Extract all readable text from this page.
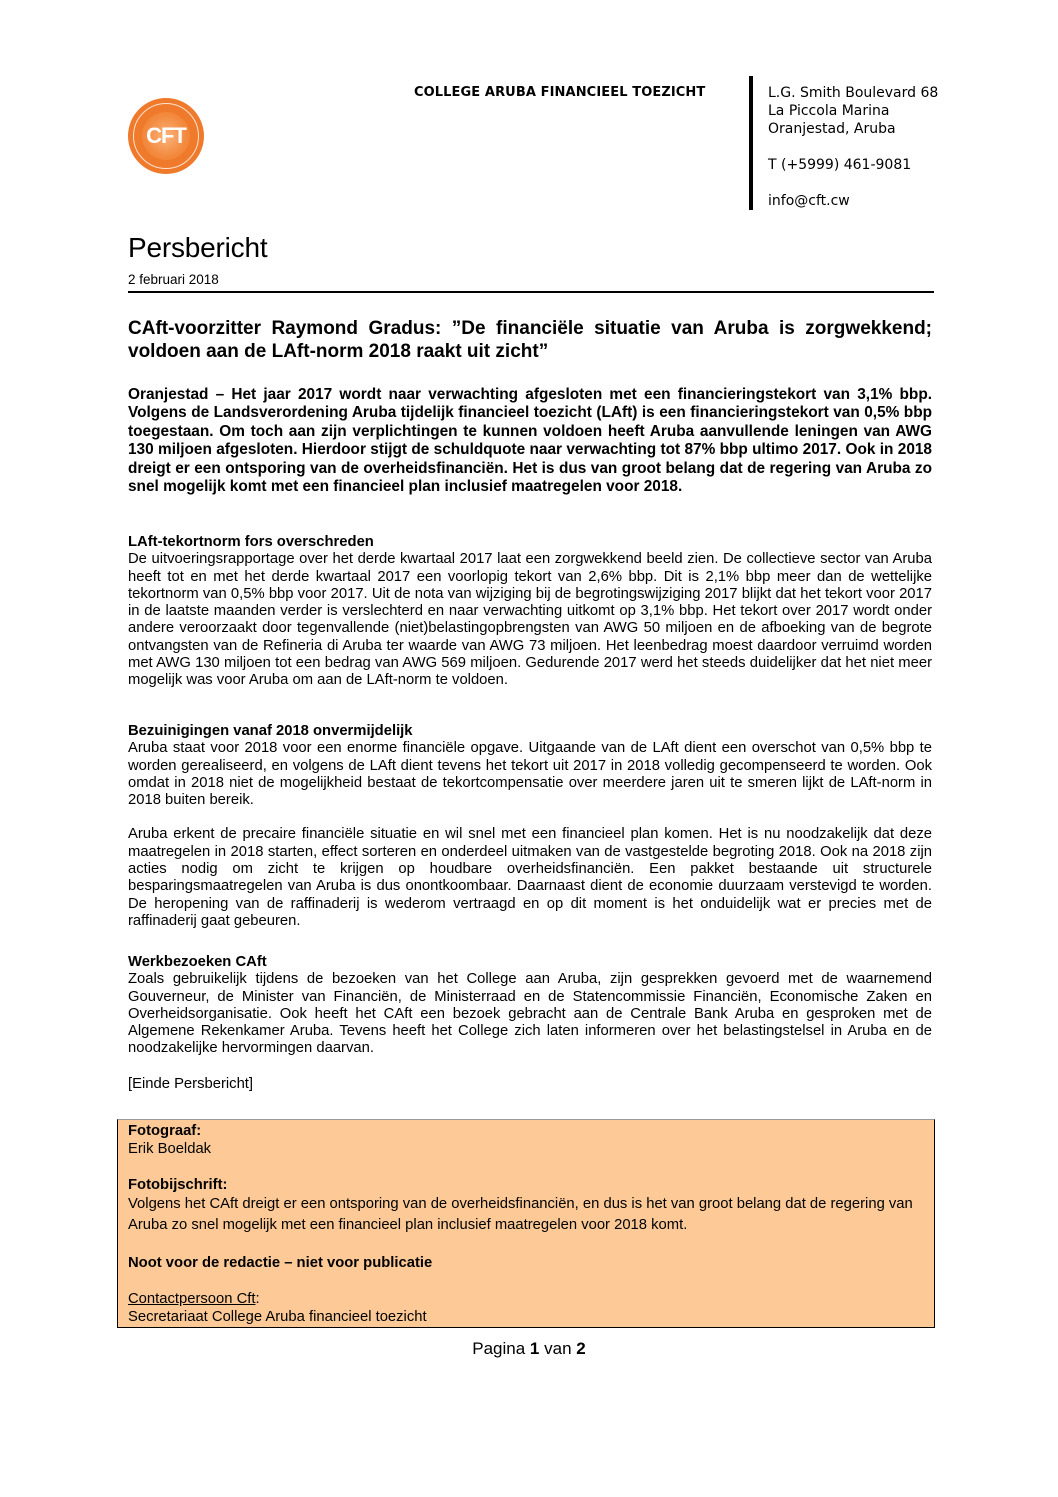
CFT
COLLEGE ARUBA FINANCIEEL TOEZICHT	L.G. Smith Boulevard 68
La Piccola Marina
Oranjestad, Aruba
T (+5999) 461-9081
info@cft.cw
Persbericht
2 februari 2018
CAft-voorzitter Raymond Gradus: ”De financiële situatie van Aruba is zorgwekkend; voldoen aan de LAft-norm 2018 raakt uit zicht”
Oranjestad – Het jaar 2017 wordt naar verwachting afgesloten met een financieringstekort van 3,1% bbp. Volgens de Landsverordening Aruba tijdelijk financieel toezicht (LAft) is een financieringstekort van 0,5% bbp toegestaan. Om toch aan zijn verplichtingen te kunnen voldoen heeft Aruba aanvullende leningen van AWG 130 miljoen afgesloten. Hierdoor stijgt de schuldquote naar verwachting tot 87% bbp ultimo 2017. Ook in 2018 dreigt er een ontsporing van de overheidsfinanciën. Het is dus van groot belang dat de regering van Aruba zo snel mogelijk komt met een financieel plan inclusief maatregelen voor 2018.
LAft-tekortnorm fors overschreden

De uitvoeringsrapportage over het derde kwartaal 2017 laat een zorgwekkend beeld zien. De collectieve sector van Aruba heeft tot en met het derde kwartaal 2017 een voorlopig tekort van 2,6% bbp. Dit is 2,1% bbp meer dan de wettelijke tekortnorm van 0,5% bbp voor 2017. Uit de nota van wijziging bij de begrotingswijziging 2017 blijkt dat het tekort voor 2017 in de laatste maanden verder is verslechterd en naar verwachting uitkomt op 3,1% bbp. Het tekort over 2017 wordt onder andere veroorzaakt door tegenvallende (niet)belastingopbrengsten van AWG 50 miljoen en de afboeking van de begrote ontvangsten van de Refineria di Aruba ter waarde van AWG 73 miljoen. Het leenbedrag moest daardoor verruimd worden met AWG 130 miljoen tot een bedrag van AWG 569 miljoen. Gedurende 2017 werd het steeds duidelijker dat het niet meer mogelijk was voor Aruba om aan de LAft-norm te voldoen.

Bezuinigingen vanaf 2018 onvermijdelijk

Aruba staat voor 2018 voor een enorme financiële opgave. Uitgaande van de LAft dient een overschot van 0,5% bbp te worden gerealiseerd, en volgens de LAft dient tevens het tekort uit 2017 in 2018 volledig gecompenseerd te worden. Ook omdat in 2018 niet de mogelijkheid bestaat de tekortcompensatie over meerdere jaren uit te smeren lijkt de LAft-norm in 2018 buiten bereik.

Aruba erkent de precaire financiële situatie en wil snel met een financieel plan komen. Het is nu noodzakelijk dat deze maatregelen in 2018 starten, effect sorteren en onderdeel uitmaken van de vastgestelde begroting 2018. Ook na 2018 zijn acties nodig om zicht te krijgen op houdbare overheidsfinanciën. Een pakket bestaande uit structurele besparingsmaatregelen van Aruba is dus onontkoombaar. Daarnaast dient de economie duurzaam verstevigd te worden. De heropening van de raffinaderij is wederom vertraagd en op dit moment is het onduidelijk wat er precies met de raffinaderij gaat gebeuren.

Werkbezoeken CAft

Zoals gebruikelijk tijdens de bezoeken van het College aan Aruba, zijn gesprekken gevoerd met de waarnemend Gouverneur, de Minister van Financiën, de Ministerraad en de Statencommissie Financiën, Economische Zaken en Overheidsorganisatie. Ook heeft het CAft een bezoek gebracht aan de Centrale Bank Aruba en gesproken met de Algemene Rekenkamer Aruba. Tevens heeft het College zich laten informeren over het belastingstelsel in Aruba en de noodzakelijke hervormingen daarvan.

[Einde Persbericht]
Fotograaf:
Erik Boeldak
Fotobijschrift:
Volgens het CAft dreigt er een ontsporing van de overheidsfinanciën, en dus is het van groot belang dat de regering van Aruba zo snel mogelijk met een financieel plan inclusief maatregelen voor 2018 komt.
Noot voor de redactie – niet voor publicatie
Contactpersoon Cft:
Secretariaat College Aruba financieel toezicht
Pagina 1 van 2
